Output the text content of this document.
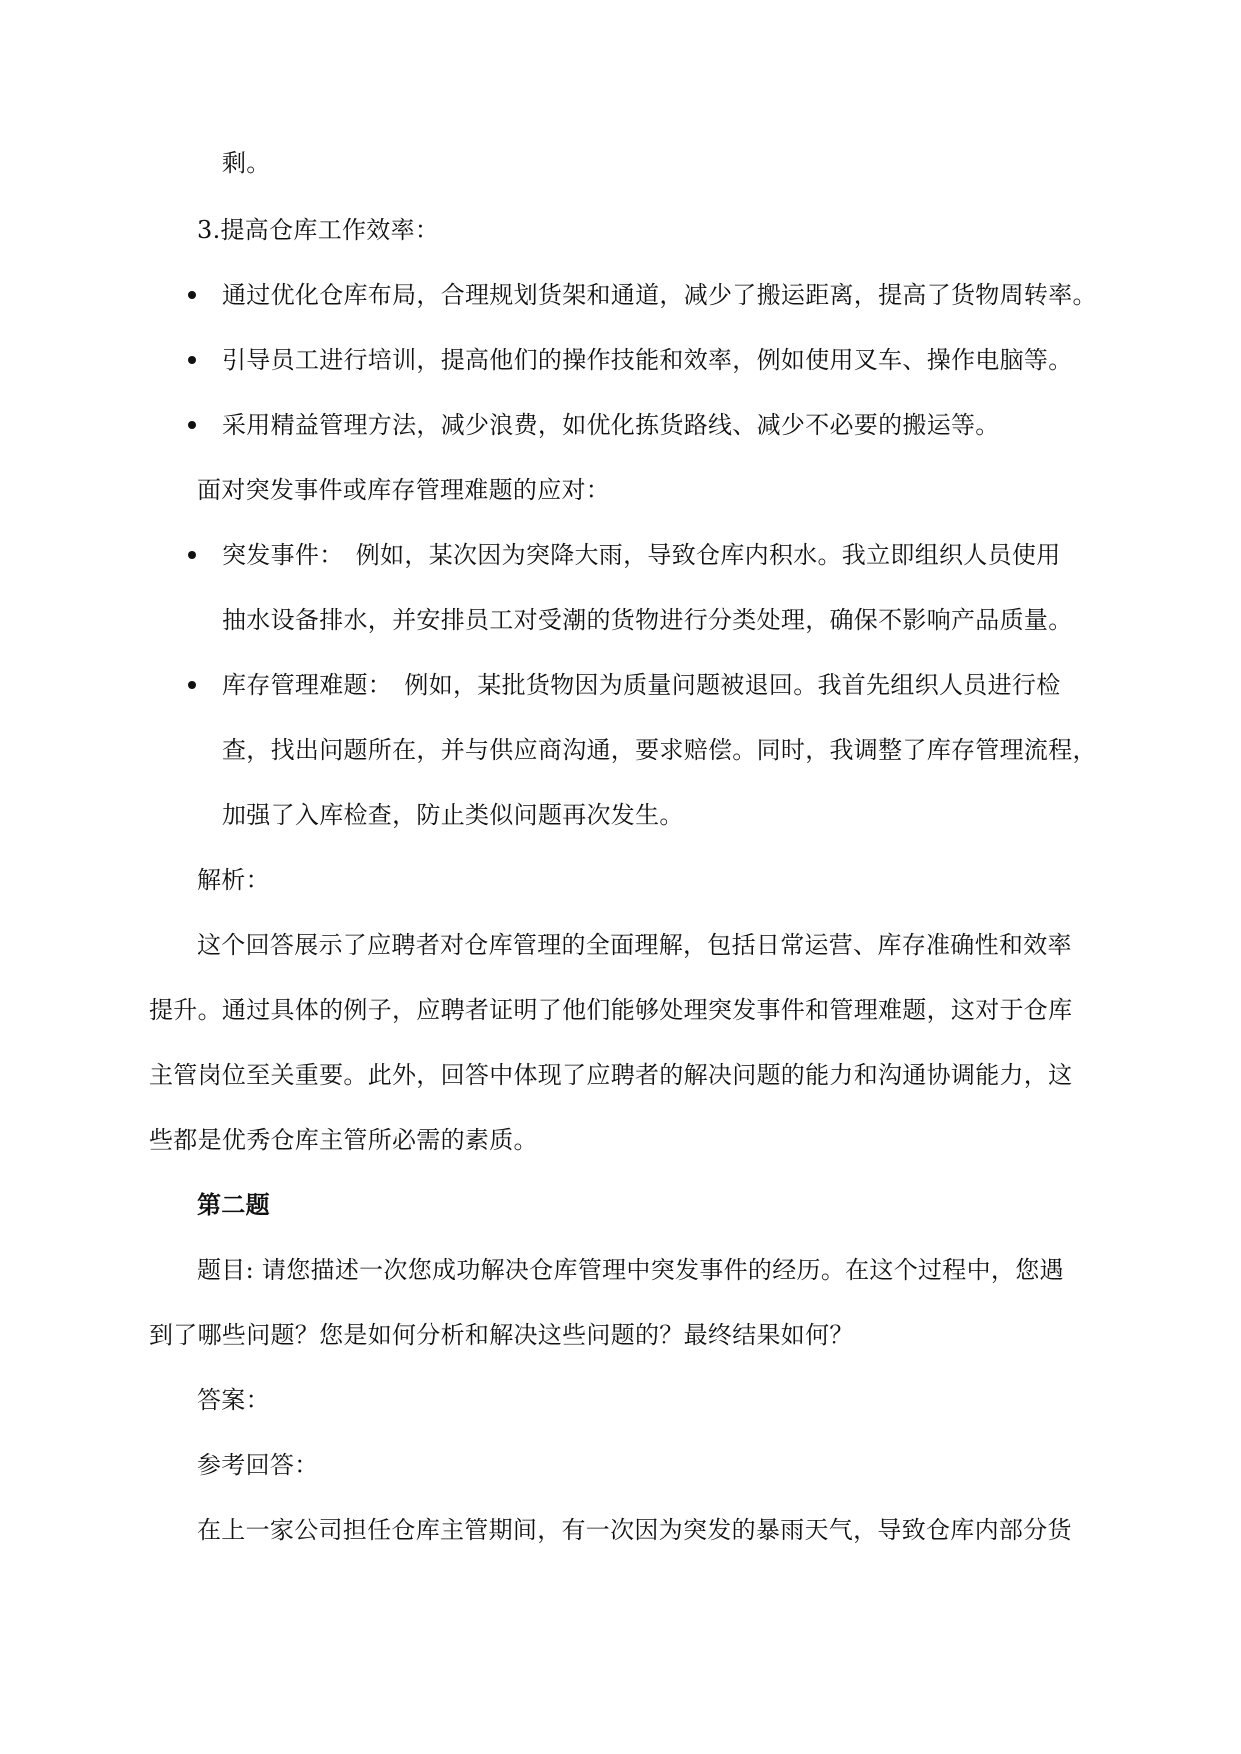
剩。
3.提高仓库工作效率：
通过优化仓库布局，合理规划货架和通道，减少了搬运距离，提高了货物周转率。
引导员工进行培训，提高他们的操作技能和效率，例如使用叉车、操作电脑等。
采用精益管理方法，减少浪费，如优化拣货路线、减少不必要的搬运等。
面对突发事件或库存管理难题的应对：
突发事件：　例如，某次因为突降大雨，导致仓库内积水。我立即组织人员使用
抽水设备排水，并安排员工对受潮的货物进行分类处理，确保不影响产品质量。
库存管理难题：　例如，某批货物因为质量问题被退回。我首先组织人员进行检
查，找出问题所在，并与供应商沟通，要求赔偿。同时，我调整了库存管理流程，
加强了入库检查，防止类似问题再次发生。
解析：
这个回答展示了应聘者对仓库管理的全面理解，包括日常运营、库存准确性和效率
提升。通过具体的例子，应聘者证明了他们能够处理突发事件和管理难题，这对于仓库
主管岗位至关重要。此外，回答中体现了应聘者的解决问题的能力和沟通协调能力，这
些都是优秀仓库主管所必需的素质。
第二题
题目: 请您描述一次您成功解决仓库管理中突发事件的经历。在这个过程中，您遇
到了哪些问题？您是如何分析和解决这些问题的？最终结果如何？
答案：
参考回答：
在上一家公司担任仓库主管期间，有一次因为突发的暴雨天气，导致仓库内部分货
